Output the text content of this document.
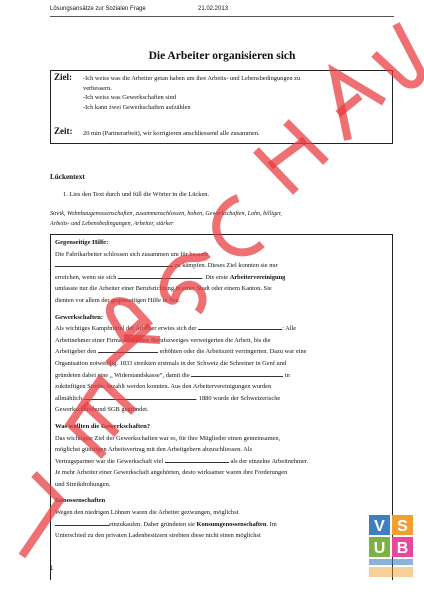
Lösungsansätze zur Sozialen Frage	21.02.2013
Die Arbeiter organisieren sich
Ziel: -Ich weiss was die Arbeiter getan haben um ihre Arbeits- und Lebensbedingungen zu
verbessern.
-Ich weiss was Gewerkschaften sind
-Ich kann zwei Gewerkschaften aufzählen
Zeit: 20 min (Partnerarbeit), wir korrigieren anschliessend alle zusammen.
Lückentext
1. Lies den Text durch und füll die Wörter in die Lücken.
Streik, Wohnbaugenossenschaften, zusammenschlossen, hohen, Gewerkschaften, Lohn, billiger,
Arbeits- und Lebensbedingungen, Arbeiter, stärker

Gegenseitige Hilfe:

Die Fabrikarbeiter schlossen sich zusammen um für bessere

zu kämpfen. Dieses Ziel konnten sie nur

erreichen, wenn sie sich	. Die erste Arbeitervereinigung

umfasste nur die Arbeiter einer Berufsrichtung in einer Stadt oder einem Kanton. Sie

dienten vor allem der gegenseitigen Hilfe in Not.

Gewerkschaften:

Als wichtiges Kampfmittel der Arbeiter erwies sich der	: Alle

Arbeitnehmer einer Firma oder eines Berufszweiges verweigerten die Arbeit, bis die

Arbeitgeber den	erhöhten oder die Arbeitszeit verringerten. Dazu war eine

Organisation notwendig. 1833 streikten erstmals in der Schweiz die Schreiner in Genf und

gründeten dabei eine „ Widerstandskasse“, damit die	in

zukünftigen Streiks bezahlt werden konnten. Aus den Arbeitervereinigungen wurden

allmählich	. 1880 wurde der Schweizerische

Gewerkschaftsbund SGB gegründet.

Was wollten die Gewerkschaften?

Das wichtigste Ziel der Gewerkschaften war es, für ihre Mitglieder einen gemeinsamen,

möglichst günstigen Arbeitsvertrag mit den Arbeitgebern abzuschliessen. Als

Vertragspartner war die Gewerkschaft viel	als der einzelne Arbeitnehmer.

Je mehr Arbeiter einer Gewerkschaft angehörten, desto wirksamer waren ihre Forderungen

und Streikdrohungen.

Genossenschaften

Wegen den niedrigen Löhnen waren die Arbeiter gezwungen, möglichst

einzukaufen. Daher gründeten sie Konsumgenossenschaften. Im

Unterschied zu den privaten Ladenbesitzern strebten diese nicht einen möglichst

1
V S
U B
